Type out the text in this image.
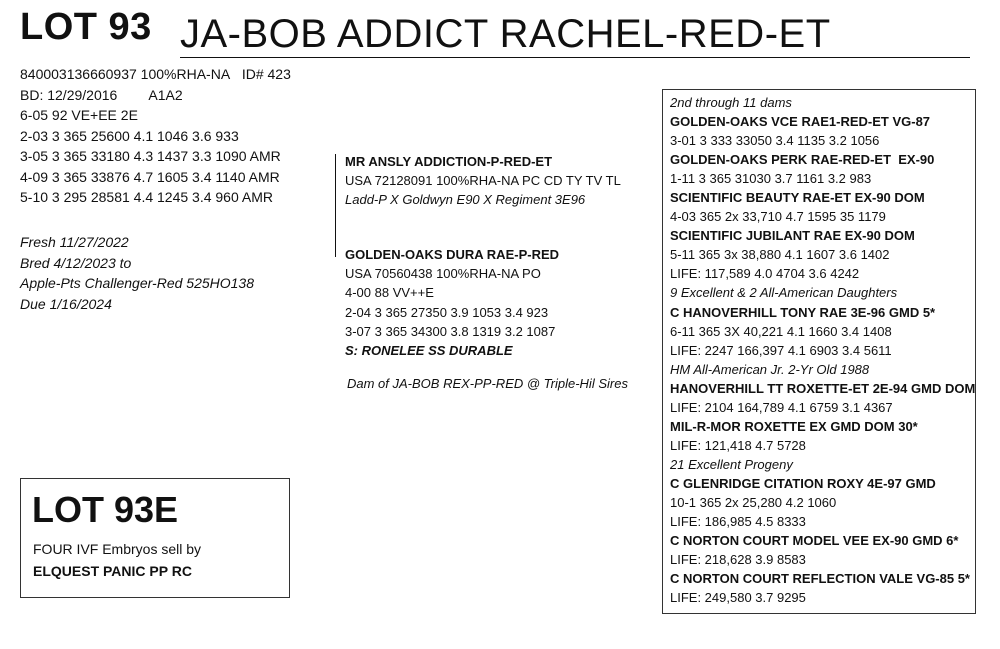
LOT 93 JA-BOB ADDICT RACHEL-RED-ET
840003136660937 100%RHA-NA   ID# 423
BD: 12/29/2016        A1A2
6-05 92 VE+EE 2E
2-03 3 365 25600 4.1 1046 3.6 933
3-05 3 365 33180 4.3 1437 3.3 1090 AMR
4-09 3 365 33876 4.7 1605 3.4 1140 AMR
5-10 3 295 28581 4.4 1245 3.4 960 AMR
Fresh 11/27/2022
Bred 4/12/2023 to
Apple-Pts Challenger-Red 525HO138
Due 1/16/2024
MR ANSLY ADDICTION-P-RED-ET
USA 72128091 100%RHA-NA PC CD TY TV TL
Ladd-P X Goldwyn E90 X Regiment 3E96
GOLDEN-OAKS DURA RAE-P-RED
USA 70560438 100%RHA-NA PO
4-00 88 VV++E
2-04 3 365 27350 3.9 1053 3.4 923
3-07 3 365 34300 3.8 1319 3.2 1087
S: RONELEE SS DURABLE
Dam of JA-BOB REX-PP-RED @ Triple-Hil Sires
LOT 93E
FOUR IVF Embryos sell by
ELQUEST PANIC PP RC
2nd through 11 dams
GOLDEN-OAKS VCE RAE1-RED-ET VG-87
3-01 3 333 33050 3.4 1135 3.2 1056
GOLDEN-OAKS PERK RAE-RED-ET  EX-90
1-11 3 365 31030 3.7 1161 3.2 983
SCIENTIFIC BEAUTY RAE-ET EX-90 DOM
4-03 365 2x 33,710 4.7 1595 35 1179
SCIENTIFIC JUBILANT RAE EX-90 DOM
5-11 365 3x 38,880 4.1 1607 3.6 1402
LIFE: 117,589 4.0 4704 3.6 4242
9 Excellent & 2 All-American Daughters
C HANOVERHILL TONY RAE 3E-96 GMD 5*
6-11 365 3X 40,221 4.1 1660 3.4 1408
LIFE: 2247 166,397 4.1 6903 3.4 5611
HM All-American Jr. 2-Yr Old 1988
HANOVERHILL TT ROXETTE-ET 2E-94 GMD DOM
LIFE: 2104 164,789 4.1 6759 3.1 4367
MIL-R-MOR ROXETTE EX GMD DOM 30*
LIFE: 121,418 4.7 5728
21 Excellent Progeny
C GLENRIDGE CITATION ROXY 4E-97 GMD
10-1 365 2x 25,280 4.2 1060
LIFE: 186,985 4.5 8333
C NORTON COURT MODEL VEE EX-90 GMD 6*
LIFE: 218,628 3.9 8583
C NORTON COURT REFLECTION VALE VG-85 5*
LIFE: 249,580 3.7 9295
